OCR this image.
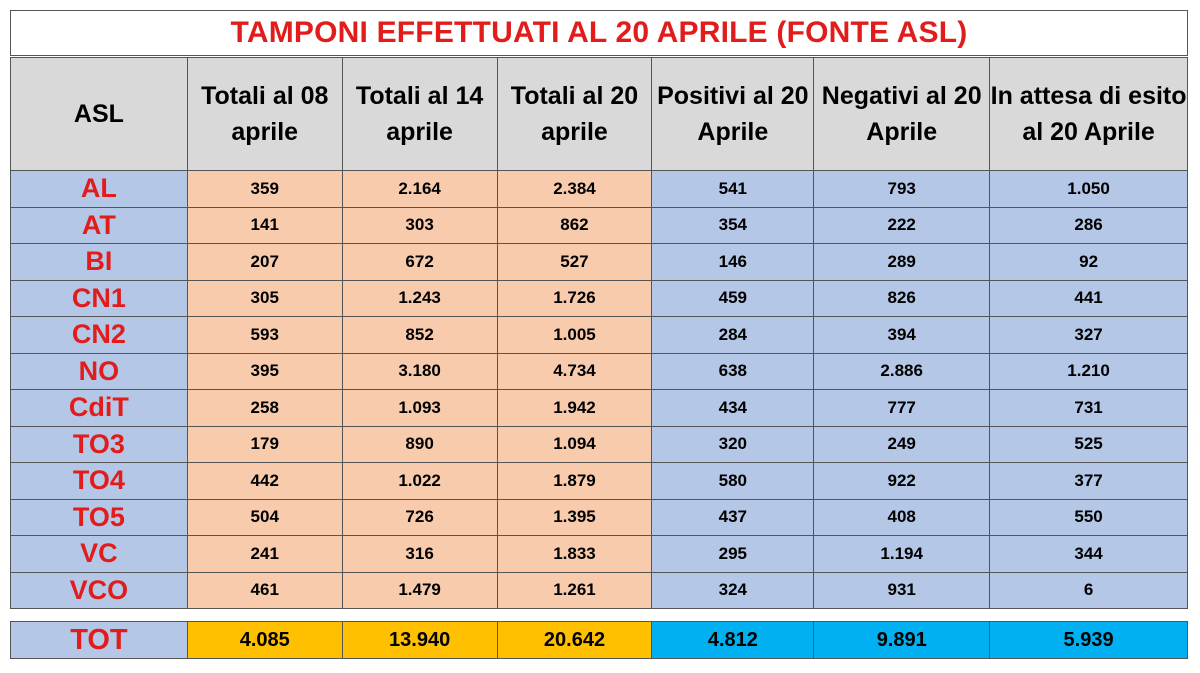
TAMPONI EFFETTUATI AL 20 APRILE (FONTE ASL)
ASL	Totali al 08 aprile	Totali al 14 aprile	Totali al 20 aprile	Positivi al 20 Aprile	Negativi al 20 Aprile	In attesa di esito al 20 Aprile
AL	359	2.164	2.384	541	793	1.050
AT	141	303	862	354	222	286
BI	207	672	527	146	289	92
CN1	305	1.243	1.726	459	826	441
CN2	593	852	1.005	284	394	327
NO	395	3.180	4.734	638	2.886	1.210
CdiT	258	1.093	1.942	434	777	731
TO3	179	890	1.094	320	249	525
TO4	442	1.022	1.879	580	922	377
TO5	504	726	1.395	437	408	550
VC	241	316	1.833	295	1.194	344
VCO	461	1.479	1.261	324	931	6
TOT	4.085	13.940	20.642	4.812	9.891	5.939
